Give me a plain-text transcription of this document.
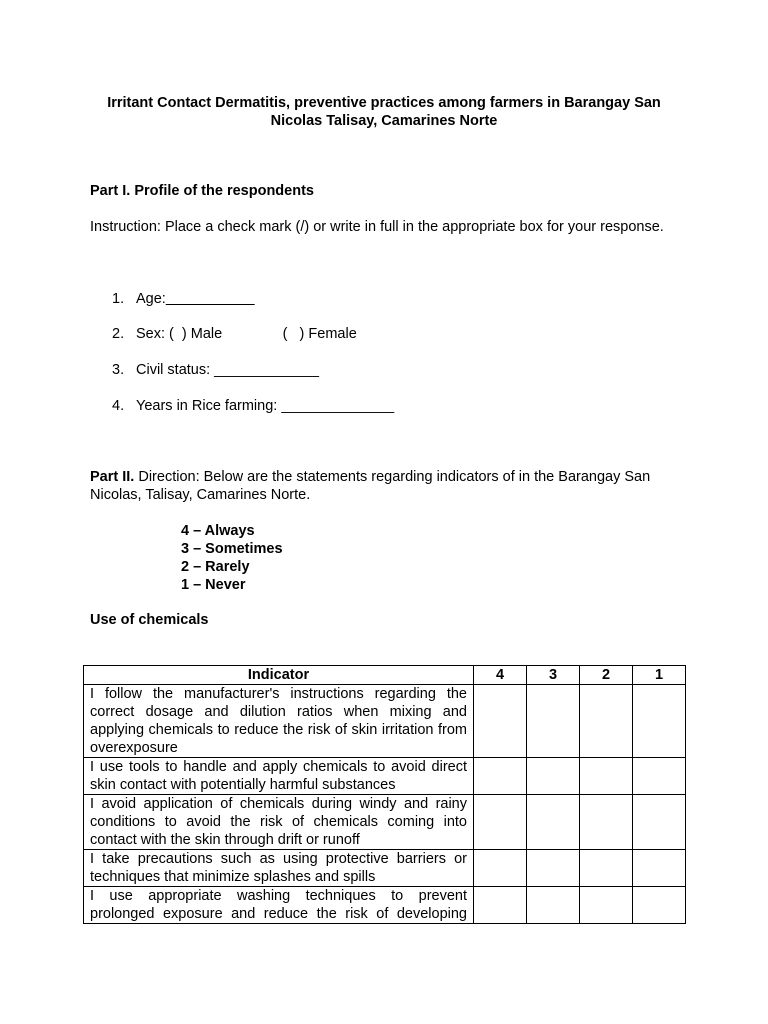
Irritant Contact Dermatitis, preventive practices among farmers in Barangay San Nicolas Talisay, Camarines Norte
Part I. Profile of the respondents
Instruction: Place a check mark (/) or write in full in the appropriate box for your response.
1. Age:___________
2. Sex: (  ) Male               (   ) Female
3. Civil status: _____________
4. Years in Rice farming: ______________
Part II. Direction: Below are the statements regarding indicators of in the Barangay San Nicolas, Talisay, Camarines Norte.
4 – Always
3 – Sometimes
2 – Rarely
1 – Never
Use of chemicals
Indicator	4	3	2	1
I follow the manufacturer's instructions regarding the correct dosage and dilution ratios when mixing and applying chemicals to reduce the risk of skin irritation from overexposure				
I use tools to handle and apply chemicals to avoid direct skin contact with potentially harmful substances				
I avoid application of chemicals during windy and rainy conditions to avoid the risk of chemicals coming into contact with the skin through drift or runoff				
I take precautions such as using protective barriers or techniques that minimize splashes and spills				
I use appropriate washing techniques to prevent prolonged exposure and reduce the risk of developing				
